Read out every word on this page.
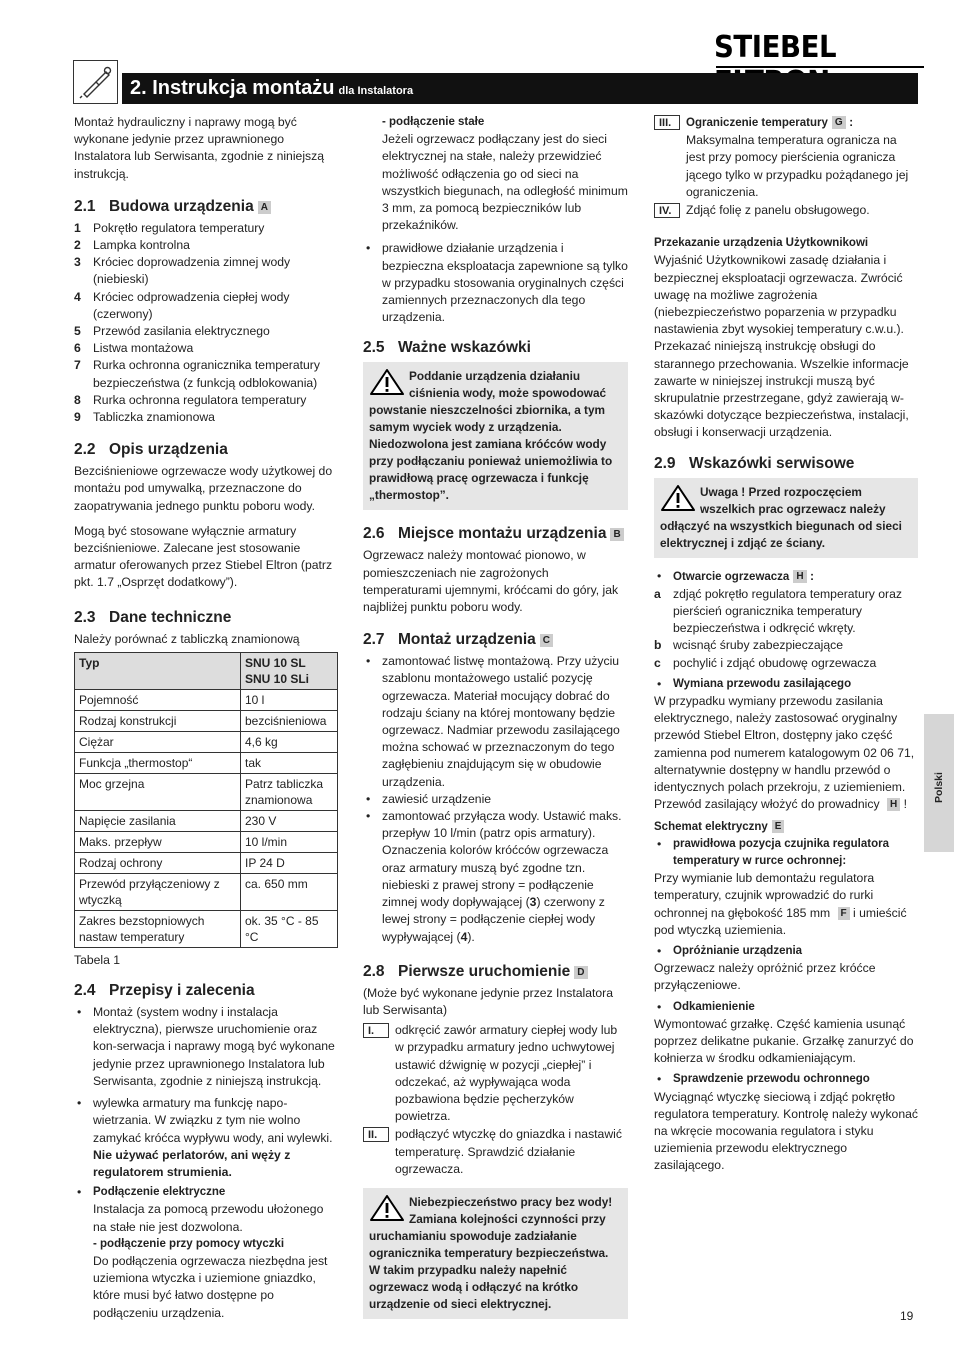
STIEBEL
2. Instrukcja montażu dla Instalatora

Montaż hydrauliczny i naprawy mogą być wykonane jedynie przez uprawnionego Instalatora lub Serwisanta, zgodnie z niniejszą instrukcją.

2.1 Budowa urządzenia A
1	Pokrętło regulatora temperatury
2	Lampka kontrolna
3	Króciec doprowadzenia zimnej wody (niebieski)
4	Króciec odprowadzenia ciepłej wody (czerwony)
5	Przewód zasilania elektrycznego
6	Listwa montażowa
7	Rurka ochronna ogranicznika temperatury bezpieczeństwa (z funkcją odblokowania)
8	Rurka ochronna regulatora temperatury
9	Tabliczka znamionowa
2.2 Opis urządzenia

Bezciśnieniowe ogrzewacze wody użytkowej do montażu pod umywalką, przeznaczone do zaopatrywania jednego punktu poboru wody.

Mogą być stosowane wyłącznie armatury bezciśnieniowe. Zalecane jest stosowanie armatur oferowanych przez Stiebel Eltron (patrz pkt. 1.7 „Osprzęt dodatkowy”).

2.3 Dane techniczne
Należy porównać z tabliczką znamionową
Typ	SNU 10 SL
SNU 10 SLi
Pojemność	10 l
Rodzaj konstrukcji	bezciśnieniowa
Ciężar	4,6 kg
Funkcja „thermostop“	tak
Moc grzejna	Patrz tabliczka znamionowa
Napięcie zasilania	230 V
Maks. przepływ	10 l/min
Rodzaj ochrony	IP 24 D
Przewód przyłączeniowy z wtyczką	ca. 650 mm
Zakres bezstopniowych nastaw temperatury	ok. 35 °C - 85 °C
Tabela 1
2.4 Przepisy i zalecenia
• Montaż (system wodny i instalacja elektryczna), pierwsze uruchomienie oraz kon-serwacja i naprawy mogą być wykonane jedynie przez uprawnionego Instalatora lub Serwisanta, zgodnie z niniejszą instrukcją.
• wylewka armatury ma funkcję napo-wietrzania. W związku z tym nie wolno zamykać króćca wypływu wody, ani wylewki.
Nie używać perlatorów, ani węży z regulatorem strumienia.
•	Podłączenie elektryczne
Instalacja za pomocą przewodu ułożonego na stałe nie jest dozwolona.
- podłączenie przy pomocy wtyczki
Do podłączenia ogrzewacza niezbędna jest uziemiona wtyczka i uziemione gniazdko, które musi być łatwo dostępne po podłączeniu urządzenia.
- podłączenie stałe
Jeżeli ogrzewacz podłączany jest do sieci elektrycznej na stałe, należy przewidzieć możliwość odłączenia go od sieci na wszystkich biegunach, na odległość minimum 3 mm, za pomocą bezpieczników lub przekaźników.
• prawidłowe działanie urządzenia i bezpieczna eksploatacja zapewnione są tylko w przypadku stosowania oryginalnych części zamiennych przeznaczonych dla tego urządzenia.
2.5 Ważne wskazówki
Poddanie urządzenia działaniu ciśnienia wody, może spowodować powstanie nieszczelności zbiornika, a tym samym wyciek wody z urządzenia. Niedozwolona jest zamiana króćców wody przy podłączaniu ponieważ uniemożliwia to prawidłową pracę ogrzewacza i funkcję „thermostop”.
2.6 Miejsce montażu urządzenia B

Ogrzewacz należy montować pionowo, w pomieszczeniach nie zagrożonych temperaturami ujemnymi, króćcami do góry, jak najbliżej punktu poboru wody.

2.7 Montaż urządzenia C
• zamontować listwę montażową. Przy użyciu szablonu montażowego ustalić pozycję ogrzewacza. Materiał mocujący dobrać do rodzaju ściany na której montowany będzie ogrzewacz. Nadmiar przewodu zasilającego można schować w przeznaczonym do tego zagłębieniu znajdującym się w obudowie urządzenia.
• zawiesić urządzenie
• zamontować przyłącza wody. Ustawić maks. przepływ 10 l/min (patrz opis armatury). Oznaczenia kolorów króćców ogrzewacza oraz armatury muszą być zgodne tzn. niebieski z prawej strony = podłączenie zimnej wody dopływającej (3) czerwony z lewej strony = podłączenie ciepłej wody wypływającej (4).
2.8 Pierwsze uruchomienie D
(Może być wykonane jedynie przez Instalatora lub Serwisanta)
I.	odkręcić zawór armatury ciepłej wody lub w przypadku armatury jedno uchwytowej ustawić dźwignię w pozycji „ciepłej” i odczekać, aż wypływająca woda pozbawiona będzie pęcherzyków powietrza.
II.	podłączyć wtyczkę do gniazdka i nastawić temperaturę. Sprawdzić działanie ogrzewacza.
Niebezpieczeństwo pracy bez wody! Zamiana kolejności czynności przy uruchamianiu spowoduje zadziałanie ogranicznika temperatury bezpieczeństwa. W takim przypadku należy napełnić ogrzewacz wodą i odłączyć na krótko urządzenie od sieci elektrycznej.
III.	Ograniczenie temperatury G :
Maksymalna temperatura ogranicza na jest przy pomocy pierścienia ogranicza jącego tylko w przypadku pożądanego jej ograniczenia.
IV.	Zdjąć folię z panelu obsługowego.
Przekazanie urządzenia Użytkownikowi

Wyjaśnić Użytkownikowi zasadę działania i bezpiecznej eksploatacji ogrzewacza. Zwrócić uwagę na możliwe zagrożenia (niebezpieczeństwo poparzenia w przypadku nastawienia zbyt wysokiej temperatury c.w.u.). Przekazać niniejszą instrukcję obsługi do starannego przechowania. Wszelkie informacje zawarte w niniejszej instrukcji muszą być skrupulatnie przestrzegane, gdyż zawierają w-skazówki dotyczące bezpieczeństwa, instalacji, obsługi i konserwacji urządzenia.

2.9 Wskazówki serwisowe
Uwaga ! Przed rozpoczęciem wszelkich prac ogrzewacz należy odłączyć na wszystkich biegunach od sieci elektrycznej i zdjąć ze ściany.
•	Otwarcie ogrzewacza H :
a	zdjąć pokrętło regulatora temperatury oraz pierścień ogranicznika temperatury bezpieczeństwa i odkręcić wkręty.
b wcisnąć śruby zabezpieczające
c	pochylić i zdjąć obudowę ogrzewacza
•	Wymiana przewodu zasilającego
W przypadku wymiany przewodu zasilania elektrycznego, należy zastosować oryginalny przewód Stiebel Eltron, dostępny jako część zamienna pod numerem katalogowym 02 06 71, alternatywnie dostępny w handlu przewód o identycznych polach przekroju, z uziemieniem. Przewód zasilający włożyć do prowadnicy H !
Schemat elektryczny E
•	prawidłowa pozycja czujnika regulatora temperatury w rurce ochronnej:
Przy wymianie lub demontażu regulatora temperatury, czujnik wprowadzić do rurki ochronnej na głębokość 185 mm F i umieścić pod wtyczką uziemienia.
•	Opróżnianie urządzenia
Ogrzewacz należy opróżnić przez króćce przyłączeniowe.
•	Odkamienienie
Wymontować grzałkę. Część kamienia usunąć poprzez delikatne pukanie. Grzałkę zanurzyć do kołnierza w środku odkamieniającym.
•	Sprawdzenie przewodu ochronnego
Wyciągnąć wtyczkę sieciową i zdjąć pokrętło regulatora temperatury. Kontrolę należy wykonać na wkręcie mocowania regulatora i styku uziemienia przewodu elektrycznego zasilającego.
Polski
19
